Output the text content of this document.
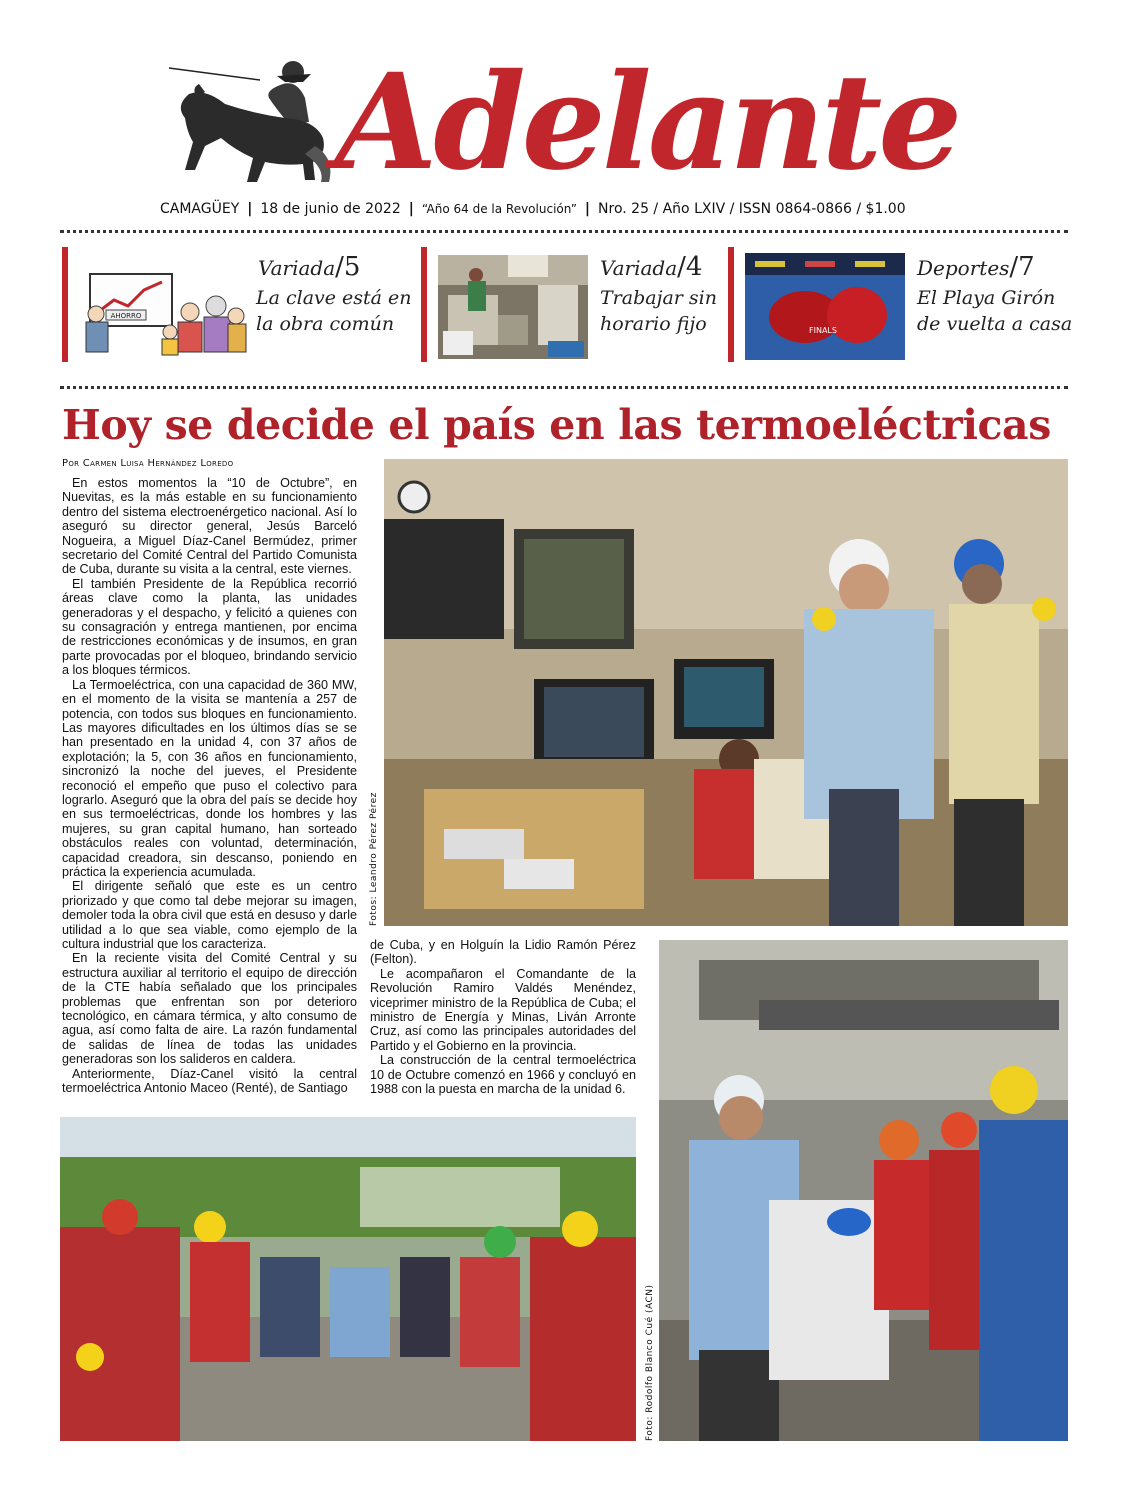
Adelante
CAMAGÜEY | 18 de junio de 2022 | “Año 64 de la Revolución” | Nro. 25 / Año LXIV / ISSN 0864-0866 / $1.00
AHORRO
Variada/5
La clave está en
la obra común
Variada/4
Trabajar sin
horario fijo	FINALS
Deportes/7
El Playa Girón
de vuelta a casa
Hoy se decide el país en las termoeléctricas
Por Carmen Luisa Hernández Loredo

En estos momentos la “10 de Octubre”, en Nuevitas, es la más estable en su funcionamiento dentro del sistema electroenérgetico nacional. Así lo aseguró su director general, Jesús Barceló Nogueira, a Miguel Díaz-Canel Bermúdez, primer secretario del Comité Central del Partido Comunista de Cuba, durante su visita a la central, este viernes.

El también Presidente de la República recorrió áreas clave como la planta, las unidades generadoras y el despacho, y felicitó a quienes con su consagración y entrega mantienen, por encima de restricciones económicas y de insumos, en gran parte provocadas por el bloqueo, brindando servicio a los bloques térmicos.

La Termoeléctrica, con una capacidad de 360 MW, en el momento de la visita se mantenía a 257 de potencia, con todos sus bloques en funcionamiento. Las mayores dificultades en los últimos días se se han presentado en la unidad 4, con 37 años de explotación; la 5, con 36 años en funcionamiento, sincronizó la noche del jueves, el Presidente reconoció el empeño que puso el colectivo para lograrlo. Aseguró que la obra del país se decide hoy en sus termoeléctricas, donde los hombres y las mujeres, su gran capital humano, han sorteado obstáculos reales con voluntad, determinación, capacidad creadora, sin descanso, poniendo en práctica la experiencia acumulada.

El dirigente señaló que este es un centro priorizado y que como tal debe mejorar su imagen, demoler toda la obra civil que está en desuso y darle utilidad a lo que sea viable, como ejemplo de la cultura industrial que los caracteriza.

En la reciente visita del Comité Central y su estructura auxiliar al territorio el equipo de dirección de la CTE había señalado que los principales problemas que enfrentan son por deterioro tecnológico, en cámara térmica, y alto consumo de agua, así como falta de aire. La razón fundamental de salidas de línea de todas las unidades generadoras son los salideros en caldera.

Anteriormente, Díaz-Canel visitó la central termoeléctrica Antonio Maceo (Renté), de Santiago

Fotos: Leandro Pérez Pérez

de Cuba, y en Holguín la Lidio Ramón Pérez (Felton).

Le acompañaron el Comandante de la Revolución Ramiro Valdés Menéndez, viceprimer ministro de la República de Cuba; el ministro de Energía y Minas, Liván Arronte Cruz, así como las principales autoridades del Partido y el Gobierno en la provincia.

La construcción de la central termoeléctrica 10 de Octubre comenzó en 1966 y concluyó en 1988 con la puesta en marcha de la unidad 6.

Foto: Rodolfo Blanco Cué (ACN)
